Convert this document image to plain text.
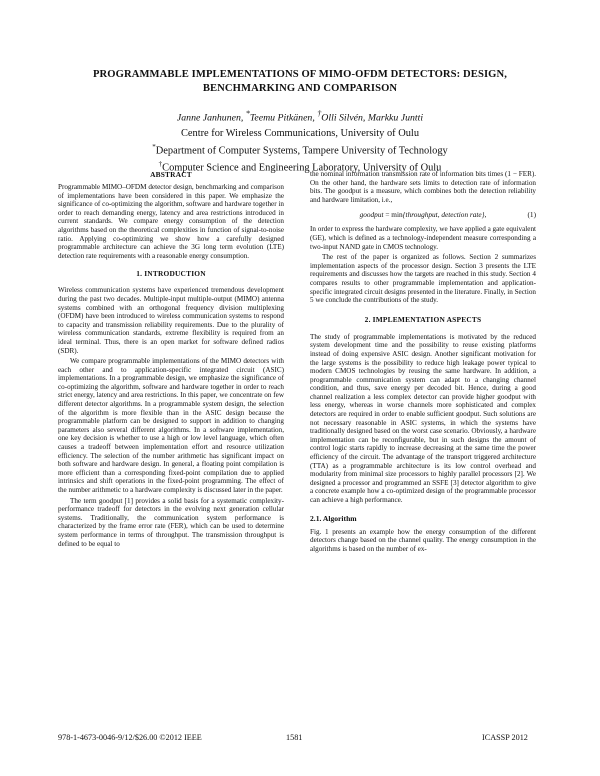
PROGRAMMABLE IMPLEMENTATIONS OF MIMO-OFDM DETECTORS: DESIGN,
BENCHMARKING AND COMPARISON
Janne Janhunen, *Teemu Pitkänen, †Olli Silvén, Markku Juntti
Centre for Wireless Communications, University of Oulu
*Department of Computer Systems, Tampere University of Technology
†Computer Science and Engineering Laboratory, University of Oulu
ABSTRACT

Programmable MIMO–OFDM detector design, benchmarking and comparison of implementations have been considered in this paper. We emphasize the significance of co-optimizing the algorithm, software and hardware together in order to reach demanding energy, latency and area restrictions introduced in current standards. We compare energy consumption of the detection algorithms based on the theoretical complexities in function of signal-to-noise ratio. Applying co-optimizing we show how a carefully designed programmable architecture can achieve the 3G long term evolution (LTE) detection rate requirements with a reasonable energy consumption.

1. INTRODUCTION

Wireless communication systems have experienced tremendous development during the past two decades. Multiple-input multiple-output (MIMO) antenna systems combined with an orthogonal frequency division multiplexing (OFDM) have been introduced to wireless communication systems to respond to capacity and transmission reliability requirements. Due to the plurality of wireless communication standards, extreme flexibility is required from an ideal terminal. Thus, there is an open market for software defined radios (SDR).

We compare programmable implementations of the MIMO detectors with each other and to application-specific integrated circuit (ASIC) implementations. In a programmable design, we emphasize the significance of co-optimizing the algorithm, software and hardware together in order to reach strict energy, latency and area restrictions. In this paper, we concentrate on few different detector algorithms. In a programmable system design, the selection of the algorithm is more flexible than in the ASIC design because the programmable platform can be designed to support in addition to changing parameters also several different algorithms. In a software implementation, one key decision is whether to use a high or low level language, which often causes a tradeoff between implementation effort and resource utilization efficiency. The selection of the number arithmetic has significant impact on both software and hardware design. In general, a floating point compilation is more efficient than a corresponding fixed-point compilation due to applied intrinsics and shift operations in the fixed-point programming. The effect of the number arithmetic to a hardware complexity is discussed later in the paper.

The term goodput [1] provides a solid basis for a systematic complexity-performance tradeoff for detectors in the evolving next generation cellular systems. Traditionally, the communication system performance is characterized by the frame error rate (FER), which can be used to determine system performance in terms of throughput. The transmission throughput is defined to be equal to

the nominal information transmission rate of information bits times (1 − FER). On the other hand, the hardware sets limits to detection rate of information bits. The goodput is a measure, which combines both the detection reliability and hardware limitation, i.e.,

goodput = min{throughput, detection rate},	(1)

In order to express the hardware complexity, we have applied a gate equivalent (GE), which is defined as a technology-independent measure corresponding a two-input NAND gate in CMOS technology.

The rest of the paper is organized as follows. Section 2 summarizes implementation aspects of the processor design. Section 3 presents the LTE requirements and discusses how the targets are reached in this study. Section 4 compares results to other programmable implementation and application-specific integrated circuit designs presented in the literature. Finally, in Section 5 we conclude the contributions of the study.

2. IMPLEMENTATION ASPECTS

The study of programmable implementations is motivated by the reduced system development time and the possibility to reuse existing platforms instead of doing expensive ASIC design. Another significant motivation for the large systems is the possibility to reduce high leakage power typical to modern CMOS technologies by reusing the same hardware. In addition, a programmable communication system can adapt to a changing channel condition, and thus, save energy per decoded bit. Hence, during a good channel realization a less complex detector can provide higher goodput with less energy, whereas in worse channels more sophisticated and complex detectors are required in order to enable sufficient goodput. Such solutions are not necessary reasonable in ASIC systems, in which the systems have traditionally designed based on the worst case scenario. Obviously, a hardware implementation can be reconfigurable, but in such designs the amount of control logic starts rapidly to increase decreasing at the same time the power efficiency of the circuit. The advantage of the transport triggered architecture (TTA) as a programmable architecture is its low control overhead and modularity from minimal size processors to highly parallel processors [2]. We designed a processor and programmed an SSFE [3] detector algorithm to give a concrete example how a co-optimized design of the programmable processor can achieve a high performance.

2.1. Algorithm

Fig. 1 presents an example how the energy consumption of the different detectors change based on the channel quality. The energy consumption in the algorithms is based on the number of ex-

978-1-4673-0046-9/12/$26.00 ©2012 IEEE	1581	ICASSP 2012
